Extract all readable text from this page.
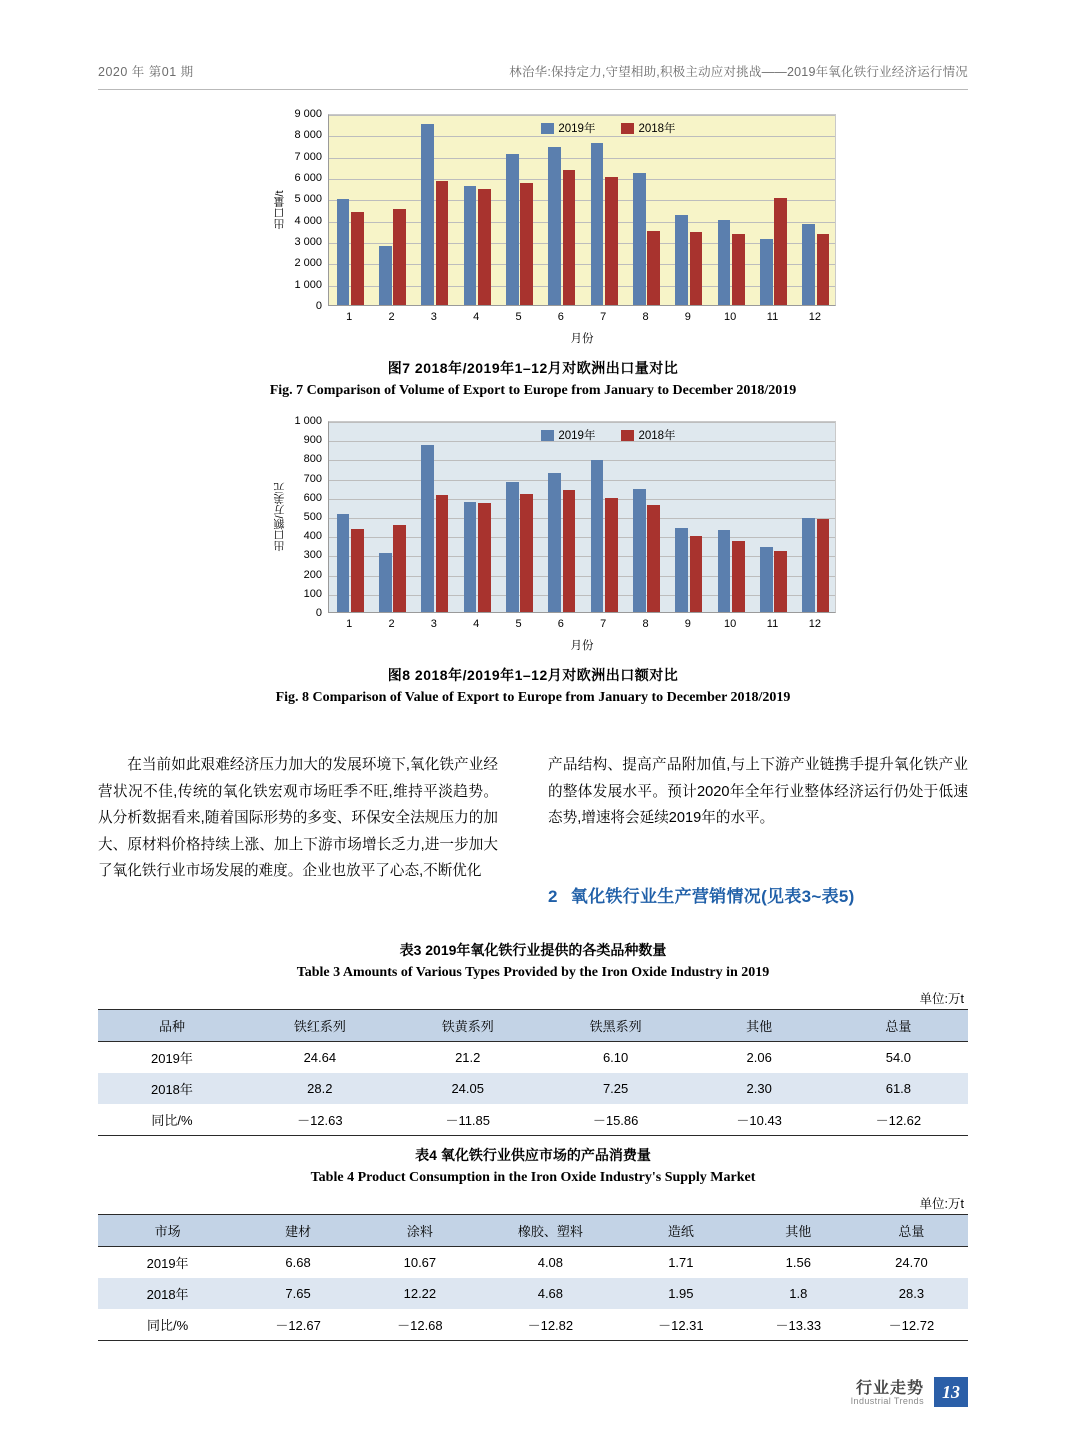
2020 年 第01 期	林治华:保持定力,守望相助,积极主动应对挑战——2019年氧化铁行业经济运行情况
0
1 000
2 000
3 000
4 000
5 000
6 000
7 000
8 000
9 000
1	2	3	4	5	6	7	8	9	10	11	12
月份
出口量/t
2019年	2018年
图7 2018年/2019年1–12月对欧洲出口量对比
Fig. 7 Comparison of Volume of Export to Europe from January to December 2018/2019
0
100
200
300
400
500
600
700
800
900
1 000
1	2	3	4	5	6	7	8	9	10	11	12
月份
出口额/万美元
2019年	2018年
图8 2018年/2019年1–12月对欧洲出口额对比
Fig. 8 Comparison of Value of Export to Europe from January to December 2018/2019

在当前如此艰难经济压力加大的发展环境下,氧化铁产业经营状况不佳,传统的氧化铁宏观市场旺季不旺,维持平淡趋势。从分析数据看来,随着国际形势的多变、环保安全法规压力的加大、原材料价格持续上涨、加上下游市场增长乏力,进一步加大了氧化铁行业市场发展的难度。企业也放平了心态,不断优化

产品结构、提高产品附加值,与上下游产业链携手提升氧化铁产业的整体发展水平。预计2020年全年行业整体经济运行仍处于低速态势,增速将会延续2019年的水平。

2 氧化铁行业生产营销情况(见表3~表5)
表3 2019年氧化铁行业提供的各类品种数量
Table 3 Amounts of Various Types Provided by the Iron Oxide Industry in 2019
单位:万t
品种	铁红系列	铁黄系列	铁黑系列	其他	总量
2019年	24.64	21.2	6.10	2.06	54.0
2018年	28.2	24.05	7.25	2.30	61.8
同比/%	－12.63	－11.85	－15.86	－10.43	－12.62
表4 氧化铁行业供应市场的产品消费量
Table 4 Product Consumption in the Iron Oxide Industry's Supply Market
单位:万t
市场	建材	涂料	橡胶、塑料	造纸	其他	总量
2019年	6.68	10.67	4.08	1.71	1.56	24.70
2018年	7.65	12.22	4.68	1.95	1.8	28.3
同比/%	－12.67	－12.68	－12.82	－12.31	－13.33	－12.72
行业走势
Industrial Trends	13
